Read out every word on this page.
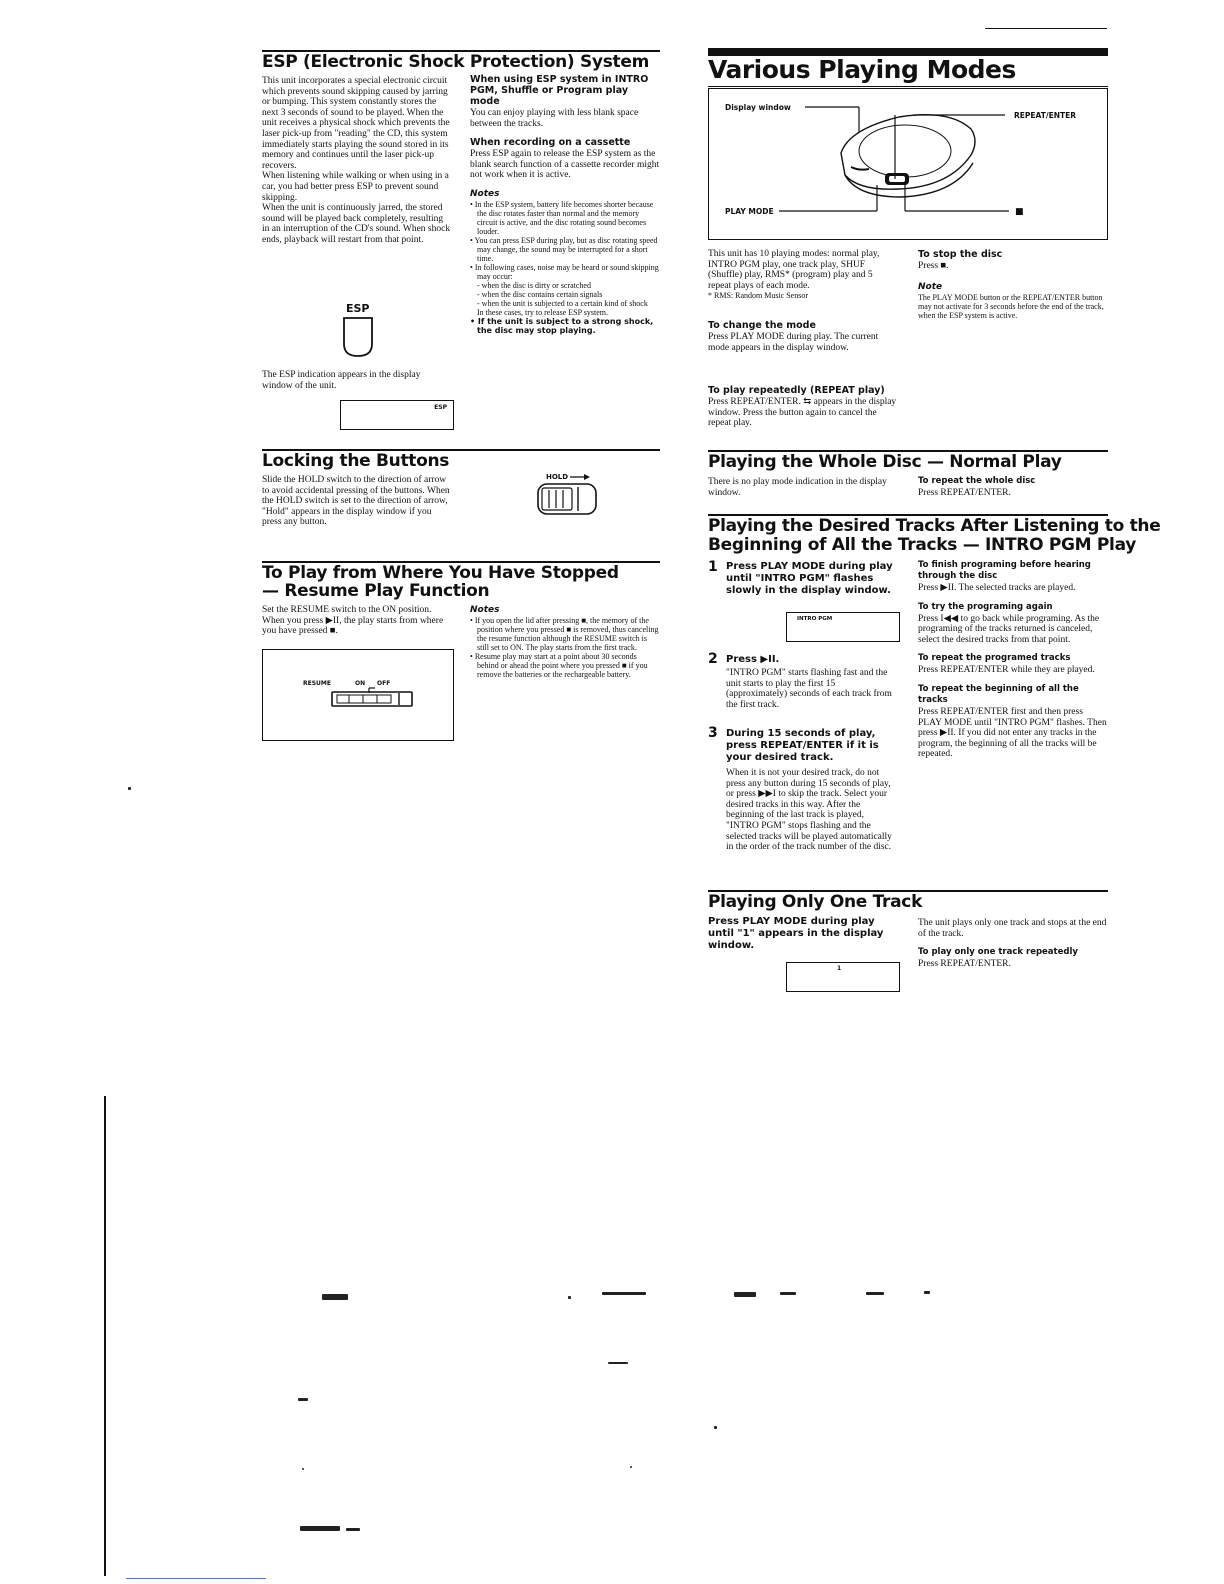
ESP (Electronic Shock Protection) System

This unit incorporates a special electronic circuit which prevents sound skipping caused by jarring or bumping. This system constantly stores the next 3 seconds of sound to be played. When the unit receives a physical shock which prevents the laser pick-up from "reading" the CD, this system immediately starts playing the sound stored in its memory and continues until the laser pick-up recovers.

When listening while walking or when using in a car, you had better press ESP to prevent sound skipping.

When the unit is continuously jarred, the stored sound will be played back completely, resulting in an interruption of the CD's sound. When shock ends, playback will restart from that point.

ESP
The ESP indication appears in the display window of the unit.
ESP
When using ESP system in INTRO PGM, Shuffle or Program play mode
You can enjoy playing with less blank space between the tracks.
When recording on a cassette
Press ESP again to release the ESP system as the blank search function of a cassette recorder might not work when it is active.
Notes
• In the ESP system, battery life becomes shorter because the disc rotates faster than normal and the memory circuit is active, and the disc rotating sound becomes louder.
• You can press ESP during play, but as disc rotating speed may change, the sound may be interrupted for a short time.
• In following cases, noise may be heard or sound skipping may occur:
- when the disc is dirty or scratched
- when the disc contains certain signals
- when the unit is subjected to a certain kind of shock
In these cases, try to release ESP system.
• If the unit is subject to a strong shock, the disc may stop playing.
Locking the Buttons
Slide the HOLD switch to the direction of arrow to avoid accidental pressing of the buttons. When the HOLD switch is set to the direction of arrow, "Hold" appears in the display window if you press any button.
HOLD
To Play from Where You Have Stopped
— Resume Play Function
Set the RESUME switch to the ON position. When you press ▶II, the play starts from where you have pressed ■.
RESUME	ON OFF
Notes
• If you open the lid after pressing ■, the memory of the position where you pressed ■ is removed, thus canceling the resume function although the RESUME switch is still set to ON. The play starts from the first track.
• Resume play may start at a point about 30 seconds behind or ahead the point where you pressed ■ if you remove the batteries or the rechargeable battery.
Various Playing Modes
Display window
REPEAT/ENTER
PLAY MODE	■

This unit has 10 playing modes: normal play, INTRO PGM play, one track play, SHUF (Shuffle) play, RMS* (program) play and 5 repeat plays of each mode.

* RMS: Random Music Sensor

To change the mode
Press PLAY MODE during play. The current mode appears in the display window.
To play repeatedly (REPEAT play)
Press REPEAT/ENTER. ⇆ appears in the display window. Press the button again to cancel the repeat play.
To stop the disc
Press ■.
Note
The PLAY MODE button or the REPEAT/ENTER button may not activate for 3 seconds before the end of the track, when the ESP system is active.
Playing the Whole Disc — Normal Play
There is no play mode indication in the display window.
To repeat the whole disc
Press REPEAT/ENTER.
Playing the Desired Tracks After Listening to the
Beginning of All the Tracks — INTRO PGM Play
1 Press PLAY MODE during play until "INTRO PGM" flashes slowly in the display window.
INTRO PGM
2 Press ▶II.
"INTRO PGM" starts flashing fast and the unit starts to play the first 15 (approximately) seconds of each track from the first track.
3 During 15 seconds of play, press REPEAT/ENTER if it is your desired track.
When it is not your desired track, do not press any button during 15 seconds of play, or press ▶▶I to skip the track. Select your desired tracks in this way. After the beginning of the last track is played, "INTRO PGM" stops flashing and the selected tracks will be played automatically in the order of the track number of the disc.
To finish programing before hearing through the disc
Press ▶II. The selected tracks are played.
To try the programing again
Press I◀◀ to go back while programing. As the programing of the tracks returned is canceled, select the desired tracks from that point.
To repeat the programed tracks
Press REPEAT/ENTER while they are played.
To repeat the beginning of all the tracks
Press REPEAT/ENTER first and then press PLAY MODE until "INTRO PGM" flashes. Then press ▶II. If you did not enter any tracks in the program, the beginning of all the tracks will be repeated.
Playing Only One Track
Press PLAY MODE during play until "1" appears in the display window.
1
The unit plays only one track and stops at the end of the track.
To play only one track repeatedly
Press REPEAT/ENTER.
